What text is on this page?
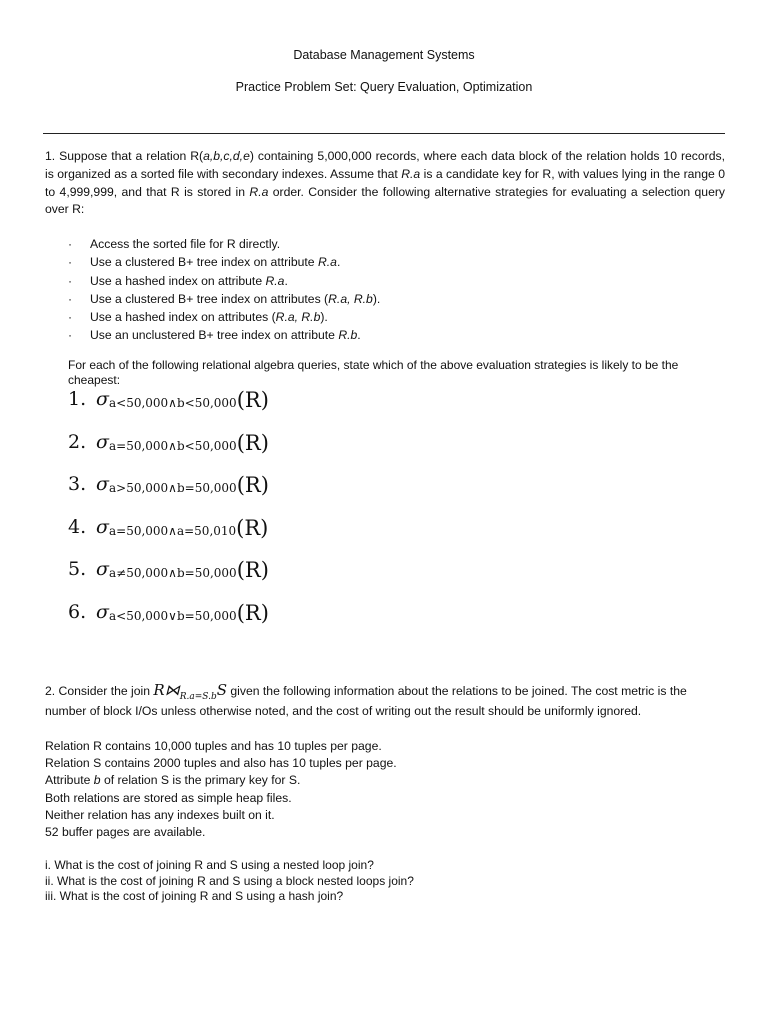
Database Management Systems
Practice Problem Set: Query Evaluation, Optimization
1. Suppose that a relation R(a,b,c,d,e) containing 5,000,000 records, where each data block of the relation holds 10 records, is organized as a sorted file with secondary indexes. Assume that R.a is a candidate key for R, with values lying in the range 0 to 4,999,999, and that R is stored in R.a order. Consider the following alternative strategies for evaluating a selection query over R:
· Access the sorted file for R directly.
· Use a clustered B+ tree index on attribute R.a.
· Use a hashed index on attribute R.a.
· Use a clustered B+ tree index on attributes (R.a, R.b).
· Use a hashed index on attributes (R.a, R.b).
· Use an unclustered B+ tree index on attribute R.b.
For each of the following relational algebra queries, state which of the above evaluation strategies is likely to be the cheapest:
1. σ a<50,000∧b<50,000 (R)
2. σ a=50,000∧b<50,000 (R)
3. σ a>50,000∧b=50,000 (R)
4. σ a=50,000∧a=50,010 (R)
5. σ a≠50,000∧b=50,000 (R)
6. σ a<50,000∨b=50,000 (R)
2. Consider the join $R⋈_{R.a=S.b}S$ given the following information about the relations to be joined. The cost metric is the number of block I/Os unless otherwise noted, and the cost of writing out the result should be uniformly ignored.
Relation R contains 10,000 tuples and has 10 tuples per page.
Relation S contains 2000 tuples and also has 10 tuples per page.
Attribute b of relation S is the primary key for S.
Both relations are stored as simple heap files.
Neither relation has any indexes built on it.
52 buffer pages are available.
i. What is the cost of joining R and S using a nested loop join?
ii. What is the cost of joining R and S using a block nested loops join?
iii. What is the cost of joining R and S using a hash join?
